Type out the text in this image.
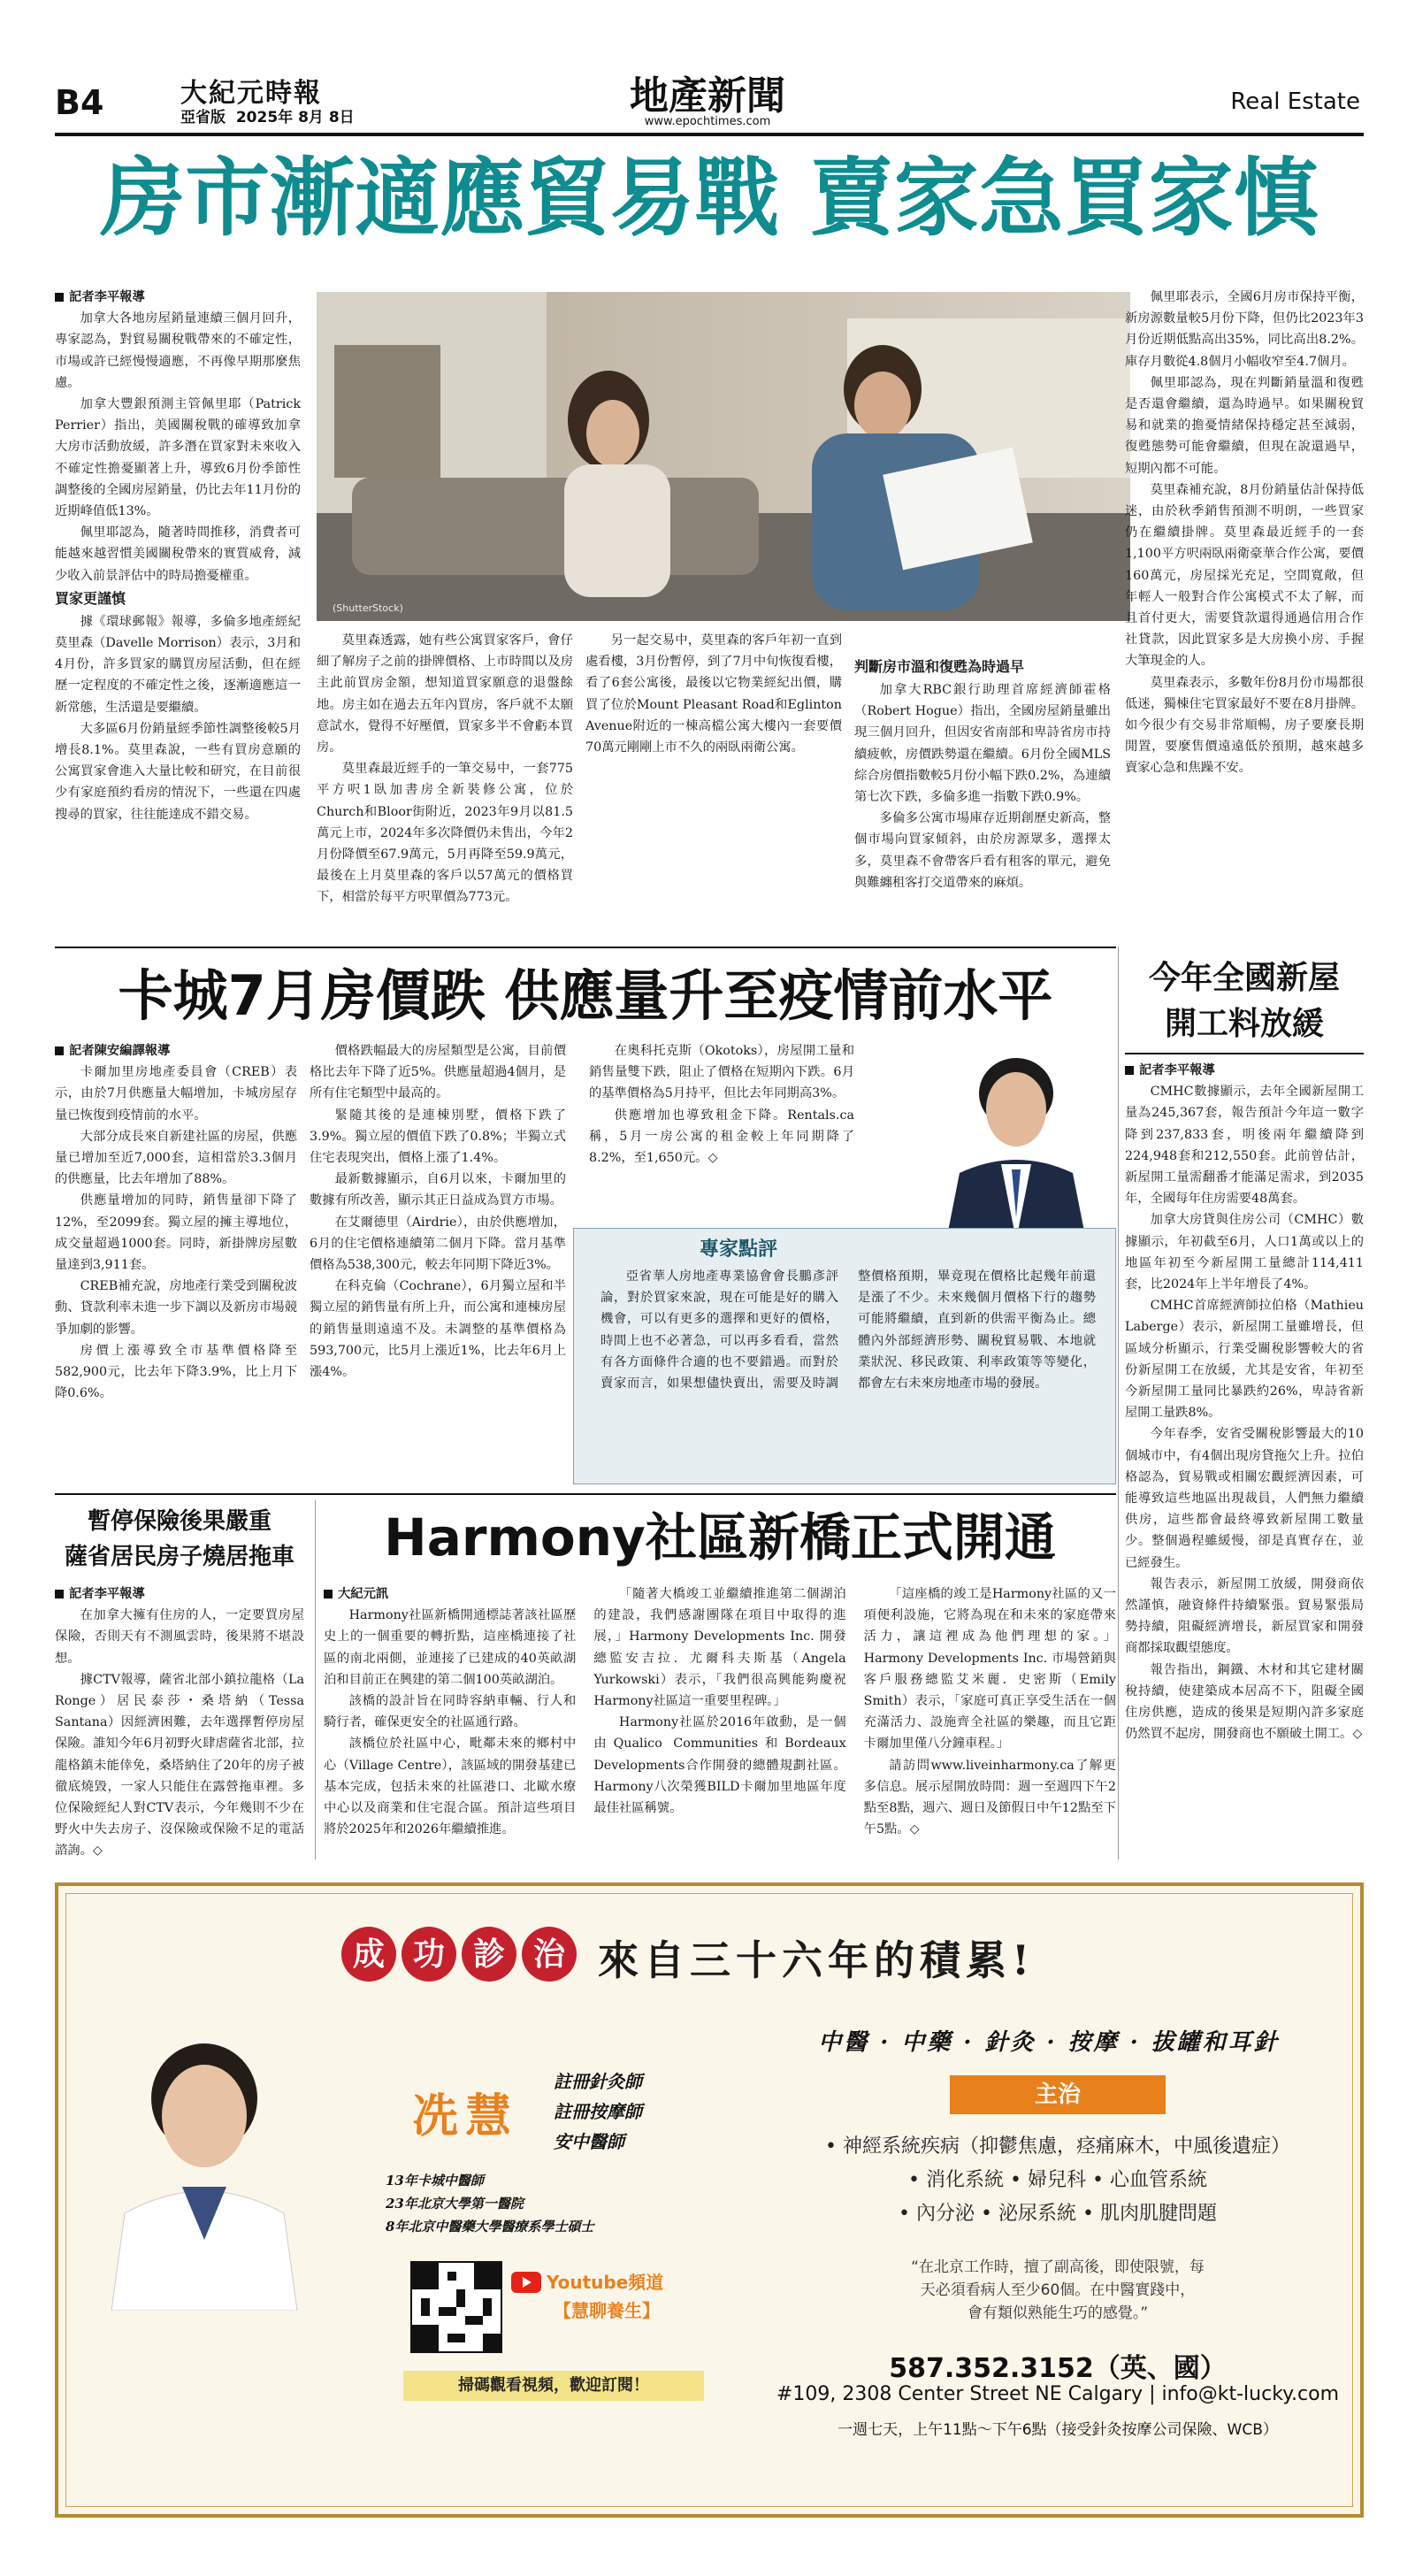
B4	大紀元時報
亞省版 2025年 8月 8日	地產新聞
www.epochtimes.com
Real Estate
房市漸適應貿易戰 賣家急買家慎

記者李平報導

加拿大各地房屋銷量連續三個月回升，專家認為，對貿易關稅戰帶來的不確定性，市場或許已經慢慢適應，不再像早期那麼焦慮。

加拿大豐銀預測主管佩里耶（Patrick Perrier）指出，美國關稅戰的確導致加拿大房市活動放緩，許多潛在買家對未來收入不確定性擔憂顯著上升，導致6月份季節性調整後的全國房屋銷量，仍比去年11月份的近期峰值低13%。

佩里耶認為，隨著時間推移，消費者可能越來越習慣美國關稅帶來的實質威脅，減少收入前景評估中的時局擔憂權重。

買家更謹慎

據《環球郵報》報導，多倫多地產經紀莫里森（Davelle Morrison）表示，3月和4月份，許多買家的購買房屋活動，但在經歷一定程度的不確定性之後，逐漸適應這一新常態，生活還是要繼續。

大多區6月份銷量經季節性調整後較5月增長8.1%。莫里森說，一些有買房意願的公寓買家會進入大量比較和研究，在目前很少有家庭預約看房的情況下，一些還在四處搜尋的買家，往往能達成不錯交易。

(ShutterStock)

莫里森透露，她有些公寓買家客戶，會仔細了解房子之前的掛牌價格、上市時間以及房主此前買房金額，想知道買家願意的退盤餘地。房主如在過去五年內買房，客戶就不太願意試水，覺得不好壓價，買家多半不會虧本買房。

莫里森最近經手的一筆交易中，一套775平方呎1臥加書房全新裝修公寓，位於Church和Bloor街附近，2023年9月以81.5萬元上市，2024年多次降價仍未售出，今年2月份降價至67.9萬元，5月再降至59.9萬元，最後在上月莫里森的客戶以57萬元的價格買下，相當於每平方呎單價為773元。

另一起交易中，莫里森的客戶年初一直到處看樓，3月份暫停，到了7月中旬恢復看樓，看了6套公寓後，最後以它物業經紀出價，購買了位於Mount Pleasant Road和Eglinton Avenue附近的一棟高檔公寓大樓內一套要價70萬元剛剛上市不久的兩臥兩衛公寓。

判斷房市溫和復甦為時過早

加拿大RBC銀行助理首席經濟師霍格（Robert Hogue）指出，全國房屋銷量雖出現三個月回升，但因安省南部和卑詩省房市持續疲軟，房價跌勢還在繼續。6月份全國MLS綜合房價指數較5月份小幅下跌0.2%，為連續第七次下跌，多倫多進一指數下跌0.9%。

多倫多公寓市場庫存近期創歷史新高，整個市場向買家傾斜，由於房源眾多，選擇太多，莫里森不會帶客戶看有租客的單元，避免與難纏租客打交道帶來的麻煩。

佩里耶表示，全國6月房市保持平衡，新房源數量較5月份下降，但仍比2023年3月份近期低點高出35%，同比高出8.2%。庫存月數從4.8個月小幅收窄至4.7個月。

佩里耶認為，現在判斷銷量溫和復甦是否還會繼續，還為時過早。如果關稅貿易和就業的擔憂情緒保持穩定甚至減弱，復甦態勢可能會繼續，但現在說還過早，短期內都不可能。

莫里森補充說，8月份銷量估計保持低迷，由於秋季銷售預測不明朗，一些買家仍在繼續掛牌。莫里森最近經手的一套1,100平方呎兩臥兩衛豪華合作公寓，要價160萬元，房屋採光充足，空間寬敞，但年輕人一般對合作公寓模式不太了解，而且首付更大，需要貸款還得通過信用合作社貸款，因此買家多是大房換小房、手握大筆現金的人。

莫里森表示，多數年份8月份市場都很低迷，獨棟住宅買家最好不要在8月掛牌。如今很少有交易非常順暢，房子要麼長期閒置，要麼售價遠遠低於預期，越來越多賣家心急和焦躁不安。

卡城7月房價跌 供應量升至疫情前水平

記者陳安編譯報導

卡爾加里房地產委員會（CREB）表示，由於7月供應量大幅增加，卡城房屋存量已恢復到疫情前的水平。

大部分成長來自新建社區的房屋，供應量已增加至近7,000套，這相當於3.3個月的供應量，比去年增加了88%。

供應量增加的同時，銷售量卻下降了12%，至2099套。獨立屋的擁主導地位，成交量超過1000套。同時，新掛牌房屋數量達到3,911套。

CREB補充說，房地產行業受到關稅波動、貸款利率未進一步下調以及新房市場競爭加劇的影響。

房價上漲導致全市基準價格降至582,900元，比去年下降3.9%，比上月下降0.6%。

價格跌幅最大的房屋類型是公寓，目前價格比去年下降了近5%。供應量超過4個月，是所有住宅類型中最高的。

緊隨其後的是連棟別墅，價格下跌了3.9%。獨立屋的價值下跌了0.8%；半獨立式住宅表現突出，價格上漲了1.4%。

最新數據顯示，自6月以來，卡爾加里的數據有所改善，顯示其正日益成為買方市場。

在艾爾德里（Airdrie），由於供應增加，6月的住宅價格連續第二個月下降。當月基準價格為538,300元，較去年同期下降近3%。

在科克倫（Cochrane），6月獨立屋和半獨立屋的銷售量有所上升，而公寓和連棟房屋的銷售量則遠遠不及。未調整的基準價格為593,700元，比5月上漲近1%，比去年6月上漲4%。

在奧科托克斯（Okotoks），房屋開工量和銷售量雙下跌，阻止了價格在短期內下跌。6月的基準價格為5月持平，但比去年同期高3%。

供應增加也導致租金下降。Rentals.ca稱，5月一房公寓的租金較上年同期降了8.2%，至1,650元。◇

專家點評
亞省華人房地產專業協會會長鵬彥評論，對於買家來說，現在可能是好的購入機會，可以有更多的選擇和更好的價格，時間上也不必著急，可以再多看看，當然有各方面條件合適的也不要錯過。而對於賣家而言，如果想儘快賣出，需要及時調整價格預期，畢竟現在價格比起幾年前還是漲了不少。未來幾個月價格下行的趨勢可能將繼續，直到新的供需平衡為止。總體內外部經濟形勢、關稅貿易戰、本地就業狀況、移民政策、利率政策等等變化，都會左右未來房地產市場的發展。
今年全國新屋
開工料放緩

記者李平報導

CMHC數據顯示，去年全國新屋開工量為245,367套，報告預計今年這一數字降到237,833套，明後兩年繼續降到224,948套和212,550套。此前曾估計，新屋開工量需翻番才能滿足需求，到2035年，全國每年住房需要48萬套。

加拿大房貸與住房公司（CMHC）數據顯示，年初截至6月，人口1萬或以上的地區年初至今新屋開工量總計114,411套，比2024年上半年增長了4%。

CMHC首席經濟師拉伯格（Mathieu Laberge）表示，新屋開工量雖增長，但區域分析顯示，行業受關稅影響較大的省份新屋開工在放緩，尤其是安省，年初至今新屋開工量同比暴跌約26%，卑詩省新屋開工量跌8%。

今年春季，安省受關稅影響最大的10個城市中，有4個出現房貸拖欠上升。拉伯格認為，貿易戰或相關宏觀經濟因素，可能導致這些地區出現裁員，人們無力繼續供房，這些都會最終導致新屋開工數量少。整個過程雖緩慢，卻是真實存在，並已經發生。

報告表示，新屋開工放緩，開發商依然謹慎，融資條件持續緊張。貿易緊張局勢持續，阻礙經濟增長，新屋買家和開發商都採取觀望態度。

報告指出，鋼鐵、木材和其它建材關稅持續，使建築成本居高不下，阻礙全國住房供應，造成的後果是短期內許多家庭仍然買不起房，開發商也不願破土開工。◇

暫停保險後果嚴重
薩省居民房子燒居拖車

記者李平報導

在加拿大擁有住房的人，一定要買房屋保險，否則天有不測風雲時，後果將不堪設想。

據CTV報導，薩省北部小鎮拉龍格（La Ronge）居民泰莎・桑塔納（Tessa Santana）因經濟困難，去年選擇暫停房屋保險。誰知今年6月初野火肆虐薩省北部，拉龍格鎮未能倖免，桑塔納住了20年的房子被徹底燒毀，一家人只能住在露營拖車裡。多位保險經紀人對CTV表示，今年幾則不少在野火中失去房子、沒保險或保險不足的電話諮詢。◇

Harmony社區新橋正式開通

大紀元訊

Harmony社區新橋開通標誌著該社區歷史上的一個重要的轉折點，這座橋連接了社區的南北兩側，並連接了已建成的40英畝湖泊和目前正在興建的第二個100英畝湖泊。

該橋的設計旨在同時容納車輛、行人和騎行者，確保更安全的社區通行路。

該橋位於社區中心，毗鄰未來的鄉村中心（Village Centre），該區域的開發基建已基本完成，包括未來的社區港口、北歐水療中心以及商業和住宅混合區。預計這些項目將於2025年和2026年繼續推進。

「隨著大橋竣工並繼續推進第二個湖泊的建設，我們感謝團隊在項目中取得的進展，」Harmony Developments Inc. 開發總監安吉拉．尤爾科夫斯基（Angela Yurkowski）表示，「我們很高興能夠慶祝Harmony社區這一重要里程碑。」

Harmony社區於2016年啟動，是一個由Qualico Communities和Bordeaux Developments合作開發的總體規劃社區。Harmony八次榮獲BILD卡爾加里地區年度最佳社區稱號。

「這座橋的竣工是Harmony社區的又一項便利設施，它將為現在和未來的家庭帶來活力，讓這裡成為他們理想的家。」Harmony Developments Inc. 市場營銷與客戶服務總監艾米麗．史密斯（Emily Smith）表示，「家庭可真正享受生活在一個充滿活力、設施齊全社區的樂趣，而且它距卡爾加里僅八分鐘車程。」

請訪問www.liveinharmony.ca了解更多信息。展示屋開放時間：週一至週四下午2點至8點，週六、週日及節假日中午12點至下午5點。◇

成 功 診 治 來自三十六年的積累!
冼慧
註冊針灸師
註冊按摩師
安中醫師
13年卡城中醫師
23年北京大學第一醫院
8年北京中醫藥大學醫療系學士碩士
Youtube頻道
【慧聊養生】
掃碼觀看視頻，歡迎訂閱！
中醫 · 中藥 · 針灸 · 按摩 · 拔罐和耳針
主治
• 神經系統疾病（抑鬱焦慮，痉痛麻木，中風後遺症）
• 消化系統 • 婦兒科 • 心血管系統
• 內分泌 • 泌尿系統 • 肌肉肌腱問題
“在北京工作時，擅了副高後，即使限號，每
天必須看病人至少60個。在中醫實踐中，
會有類似熟能生巧的感覺。”
587.352.3152（英、國）
#109, 2308 Center Street NE Calgary | info@kt-lucky.com
一週七天，上午11點～下午6點（接受針灸按摩公司保險、WCB）
